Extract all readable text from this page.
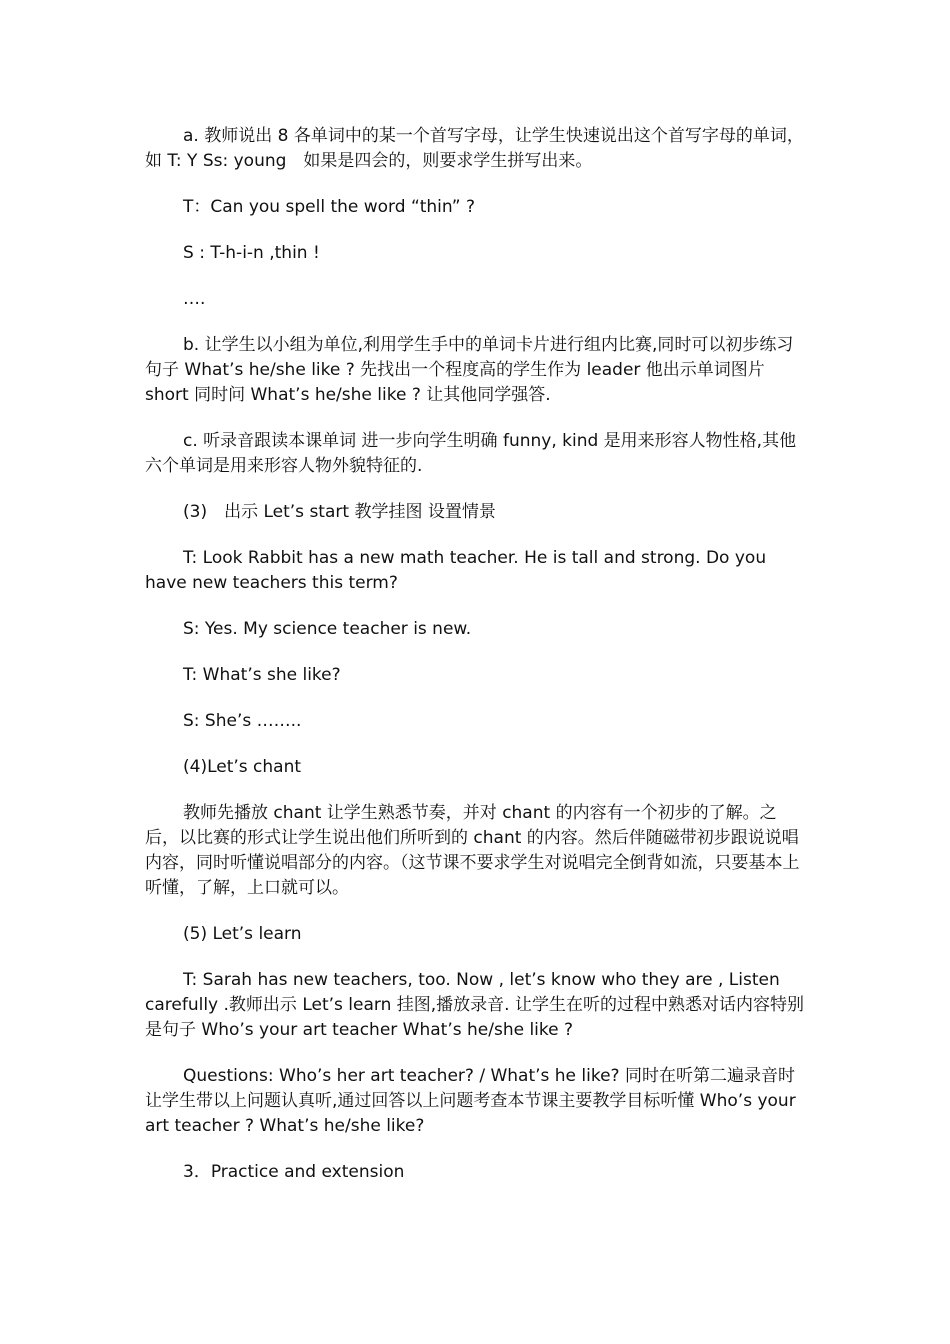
a. 教师说出 8 各单词中的某一个首写字母，让学生快速说出这个首写字母的单词，如 T: Y Ss: young　如果是四会的，则要求学生拼写出来。

T：Can you spell the word “thin” ?

S : T-h-i-n ,thin !

….

b. 让学生以小组为单位,利用学生手中的单词卡片进行组内比赛,同时可以初步练习句子 What’s he/she like ? 先找出一个程度高的学生作为 leader 他出示单词图片 short 同时问 What’s he/she like ? 让其他同学强答.

c. 听录音跟读本课单词 进一步向学生明确 funny, kind 是用来形容人物性格,其他六个单词是用来形容人物外貌特征的.

(3)　出示 Let’s start 教学挂图 设置情景

T: Look Rabbit has a new math teacher. He is tall and strong. Do you have new teachers this term?

S: Yes. My science teacher is new.

T: What’s she like?

S: She’s ……..

(4)Let’s chant

教师先播放 chant 让学生熟悉节奏，并对 chant 的内容有一个初步的了解。之后，以比赛的形式让学生说出他们所听到的 chant 的内容。然后伴随磁带初步跟说说唱内容，同时听懂说唱部分的内容。（这节课不要求学生对说唱完全倒背如流，只要基本上听懂，了解，上口就可以。

(5) Let’s learn

T: Sarah has new teachers, too. Now , let’s know who they are , Listen carefully .教师出示 Let’s learn 挂图,播放录音. 让学生在听的过程中熟悉对话内容特别是句子 Who’s your art teacher What’s he/she like ?

Questions: Who’s her art teacher? / What’s he like? 同时在听第二遍录音时让学生带以上问题认真听,通过回答以上问题考查本节课主要教学目标听懂 Who’s your art teacher ? What’s he/she like?

3．Practice and extension
